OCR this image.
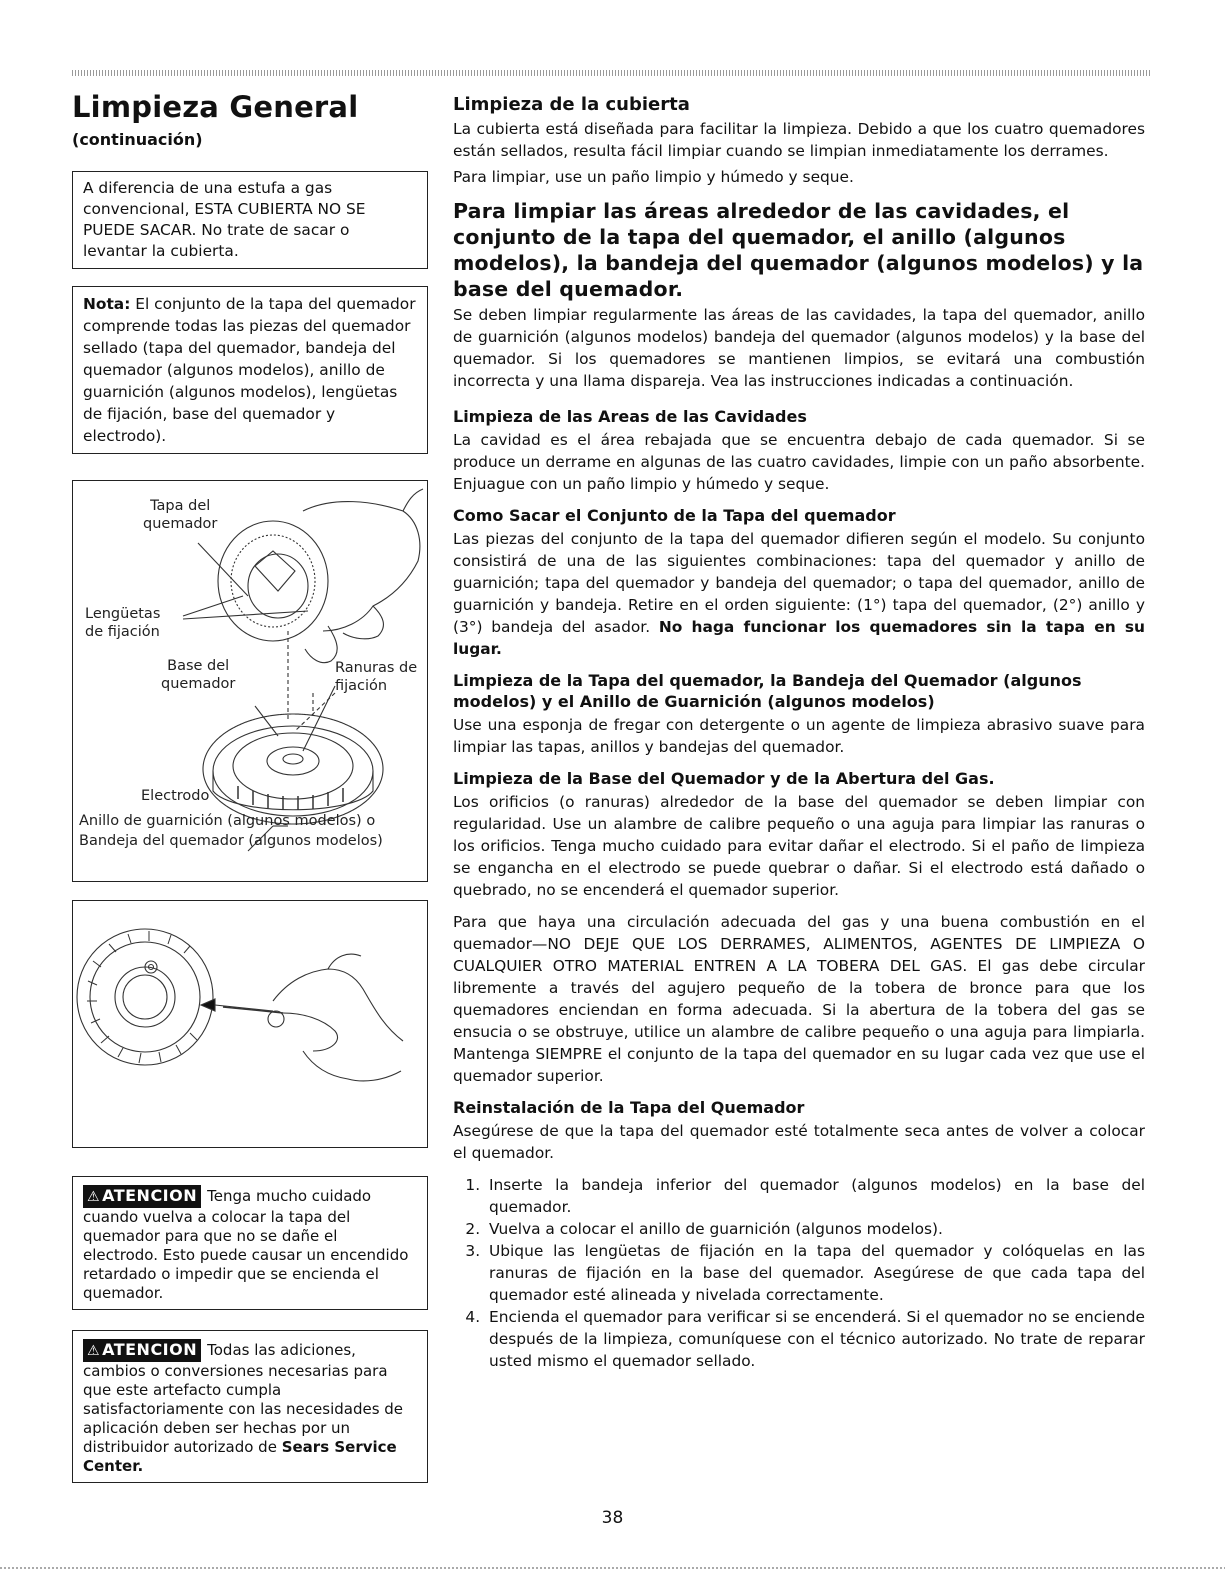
Limpieza General
(continuación)
A diferencia de una estufa a gas convencional, ESTA CUBIERTA NO SE PUEDE SACAR. No trate de sacar o levantar la cubierta.
Nota: El conjunto de la tapa del quemador comprende todas las piezas del quemador sellado (tapa del quemador, bandeja del quemador (algunos modelos), anillo de guarnición (algunos modelos), lengüetas de fijación, base del quemador y electrodo).
Tapa del
quemador
Lengüetas
de fijación
Base del
quemador
Ranuras de
fijación
Electrodo
Anillo de guarnición (algunos modelos) o Bandeja del quemador (algunos modelos)
⚠ ATENCION Tenga mucho cuidado cuando vuelva a colocar la tapa del quemador para que no se dañe el electrodo. Esto puede causar un encendido retardado o impedir que se encienda el quemador.
⚠ ATENCION Todas las adiciones, cambios o conversiones necesarias para que este artefacto cumpla satisfactoriamente con las necesidades de aplicación deben ser hechas por un distribuidor autorizado de Sears Service Center.
Limpieza de la cubierta

La cubierta está diseñada para facilitar la limpieza. Debido a que los cuatro quemadores están sellados, resulta fácil limpiar cuando se limpian inmediatamente los derrames.

Para limpiar, use un paño limpio y húmedo y seque.

Para limpiar las áreas alrededor de las cavidades, el conjunto de la tapa del quemador, el anillo (algunos modelos), la bandeja del quemador (algunos modelos) y la base del quemador.

Se deben limpiar regularmente las áreas de las cavidades, la tapa del quemador, anillo de guarnición (algunos modelos) bandeja del quemador (algunos modelos) y la base del quemador. Si los quemadores se mantienen limpios, se evitará una combustión incorrecta y una llama dispareja. Vea las instrucciones indicadas a continuación.

Limpieza de las Areas de las Cavidades

La cavidad es el área rebajada que se encuentra debajo de cada quemador. Si se produce un derrame en algunas de las cuatro cavidades, limpie con un paño absorbente. Enjuague con un paño limpio y húmedo y seque.

Como Sacar el Conjunto de la Tapa del quemador

Las piezas del conjunto de la tapa del quemador difieren según el modelo. Su conjunto consistirá de una de las siguientes combinaciones: tapa del quemador y anillo de guarnición; tapa del quemador y bandeja del quemador; o tapa del quemador, anillo de guarnición y bandeja. Retire en el orden siguiente: (1°) tapa del quemador, (2°) anillo y (3°) bandeja del asador. No haga funcionar los quemadores sin la tapa en su lugar.

Limpieza de la Tapa del quemador, la Bandeja del Quemador (algunos modelos) y el Anillo de Guarnición (algunos modelos)

Use una esponja de fregar con detergente o un agente de limpieza abrasivo suave para limpiar las tapas, anillos y bandejas del quemador.

Limpieza de la Base del Quemador y de la Abertura del Gas.

Los orificios (o ranuras) alrededor de la base del quemador se deben limpiar con regularidad. Use un alambre de calibre pequeño o una aguja para limpiar las ranuras o los orificios. Tenga mucho cuidado para evitar dañar el electrodo. Si el paño de limpieza se engancha en el electrodo se puede quebrar o dañar. Si el electrodo está dañado o quebrado, no se encenderá el quemador superior.

Para que haya una circulación adecuada del gas y una buena combustión en el quemador—NO DEJE QUE LOS DERRAMES, ALIMENTOS, AGENTES DE LIMPIEZA O CUALQUIER OTRO MATERIAL ENTREN A LA TOBERA DEL GAS. El gas debe circular libremente a través del agujero pequeño de la tobera de bronce para que los quemadores enciendan en forma adecuada. Si la abertura de la tobera del gas se ensucia o se obstruye, utilice un alambre de calibre pequeño o una aguja para limpiarla. Mantenga SIEMPRE el conjunto de la tapa del quemador en su lugar cada vez que use el quemador superior.

Reinstalación de la Tapa del Quemador

Asegúrese de que la tapa del quemador esté totalmente seca antes de volver a colocar el quemador.

1. Inserte la bandeja inferior del quemador (algunos modelos) en la base del quemador.
2. Vuelva a colocar el anillo de guarnición (algunos modelos).
3. Ubique las lengüetas de fijación en la tapa del quemador y colóquelas en las ranuras de fijación en la base del quemador. Asegúrese de que cada tapa del quemador esté alineada y nivelada correctamente.
4. Encienda el quemador para verificar si se encenderá. Si el quemador no se enciende después de la limpieza, comuníquese con el técnico autorizado. No trate de reparar usted mismo el quemador sellado.
38
